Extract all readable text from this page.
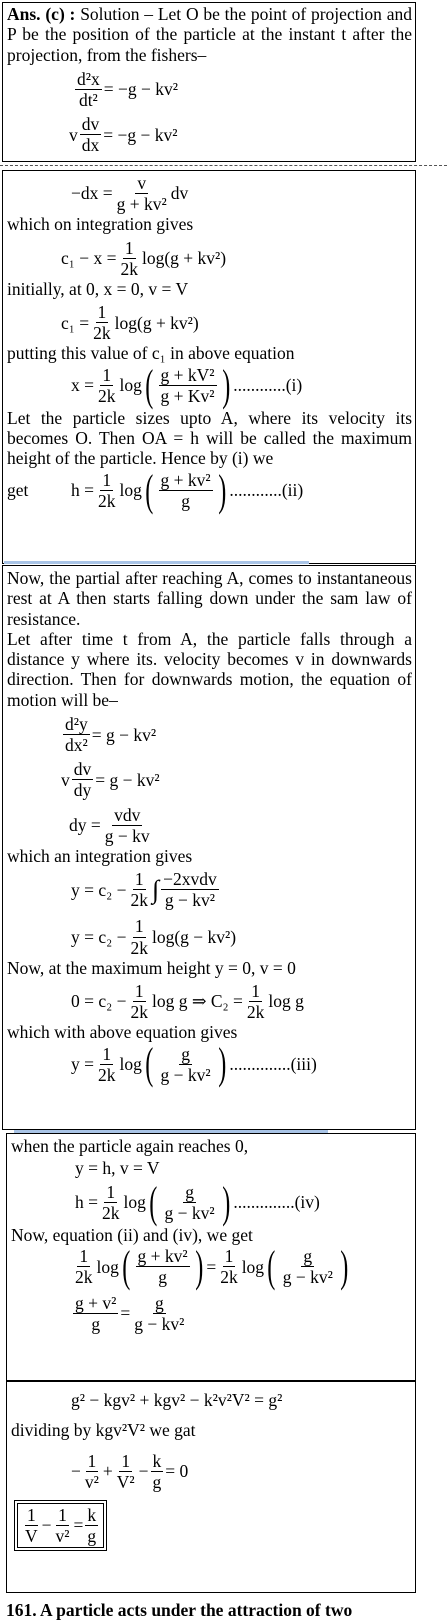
Ans. (c) : Solution – Let O be the point of projection and P be the position of the particle at the instant t after the projection, from the fishers–

$\frac{\text{d²x}}{\text{dt²}} = -g - kv^2$
v $\frac{dv}{dx} = -g - kv^2$
$-dx = \frac{v}{\text{g + kv²}}$ dv

which on integration gives

$c_1 - x = \frac{1}{2k} \log(g + kv^2)$

initially, at 0, x = 0, v = V

$c_1 = \frac{1}{2k} \log(g + kv^2)$

putting this value of c₁ in above equation

$x = \frac{1}{2k}$ log ( $\frac{\text{g + kV²}}{\text{g + Kv²}}$ ) ............(i)

Let the particle sizes upto A, where its velocity its becomes O. Then OA = h will be called the maximum height of the particle. Hence by (i) we

get	$h = \frac{1}{2k}$ log ( $\frac{\text{g + kv²}}{g}$ ) ............(ii)

Now, the partial after reaching A, comes to instantaneous rest at A then starts falling down under the sam law of resistance.

Let after time t from A, the particle falls through a distance y where its. velocity becomes v in downwards direction. Then for downwards motion, the equation of motion will be–

$\frac{\text{d²y}}{\text{dx²}} = g - kv^2$
v $\frac{dv}{dy} = g - kv^2$
dy = $\frac{\text{vdv}}{g - kv}$

which an integration gives

$y = c_2 - \frac{1}{2k}$ ∫ $\frac{\text{−2xvdv}}{\text{g − kv²}}$
$y = c_2 - \frac{1}{2k} \log(g - kv^2)$

Now, at the maximum height y = 0, v = 0

$0 = c_2 - \frac{1}{2k}$ log g ⇒ $C_2 = \frac{1}{2k}$ log g

which with above equation gives

$y = \frac{1}{2k}$ log ( $\frac{g}{\text{g − kv²}}$ ) ..............(iii)

when the particle again reaches 0,

y = h, v = V

$h = \frac{1}{2k}$ log ( $\frac{g}{\text{g − kv²}}$ ) ..............(iv)

Now, equation (ii) and (iv), we get

$\frac{1}{2k}$ log ( $\frac{\text{g + kv²}}{g}$ ) = $\frac{1}{2k}$ log ( $\frac{g}{\text{g − kv²}}$ )
$\frac{\text{g + v²}}{g} = \frac{g}{\text{g − kv²}}$

g² − kgv² + kgv² − k²v²V² = g²

dividing by
kgv²V²
we gat
− $\frac{1}{\text{v²}} + \frac{1}{\text{V²}} - \frac{k}{g} = 0$
$\frac{1}{V} - \frac{1}{\text{v²}} = \frac{k}{g}$
161. A particle acts under the attraction of two
